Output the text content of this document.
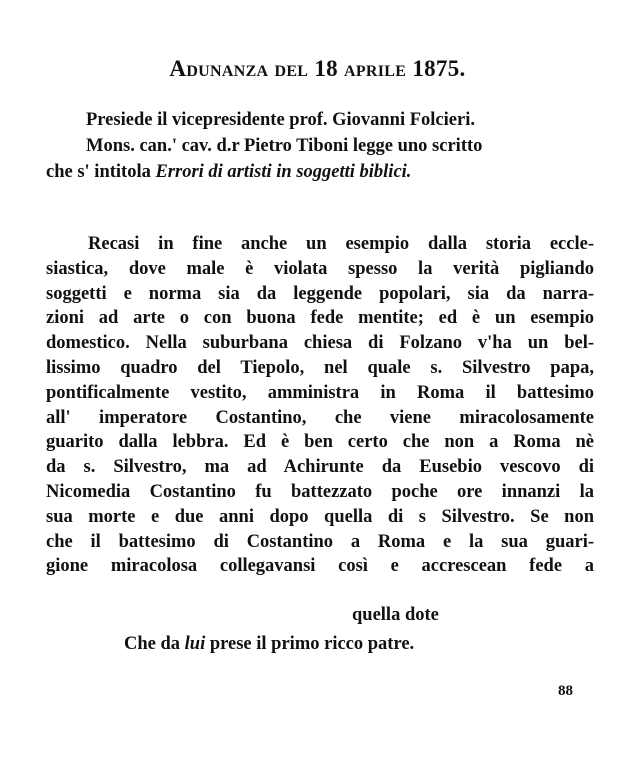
Adunanza del 18 aprile 1875.
Presiede il vicepresidente prof. Giovanni Folcieri.
Mons. can.' cav. d.r Pietro Tiboni legge uno scritto
che s' intitola Errori di artisti in soggetti biblici.
Recasi in fine anche un esempio dalla storia eccle-
siastica, dove male è violata spesso la verità pigliando
soggetti e norma sia da leggende popolari, sia da narra-
zioni ad arte o con buona fede mentite; ed è un esempio
domestico. Nella suburbana chiesa di Folzano v'ha un bel-
lissimo quadro del Tiepolo, nel quale s. Silvestro papa,
pontificalmente vestito, amministra in Roma il battesimo
all' imperatore Costantino, che viene miracolosamente
guarito dalla lebbra. Ed è ben certo che non a Roma nè
da s. Silvestro, ma ad Achirunte da Eusebio vescovo di
Nicomedia Costantino fu battezzato poche ore innanzi la
sua morte e due anni dopo quella di s Silvestro. Se non
che il battesimo di Costantino a Roma e la sua guari-
gione miracolosa collegavansi così e accrescean fede a
quella dote
Che da lui prese il primo ricco patre.
88
